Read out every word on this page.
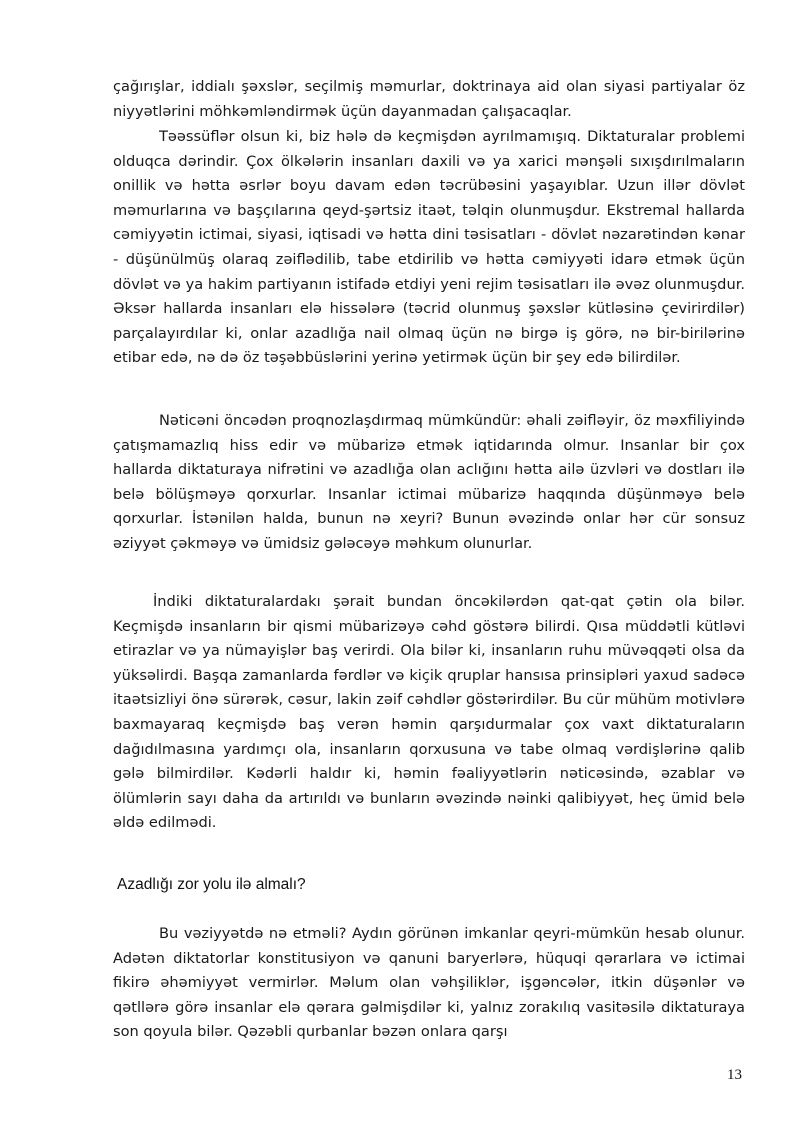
çağırışlar, iddialı şəxslər, seçilmiş məmurlar, doktrinaya aid olan siyasi partiyalar öz niyyətlərini möhkəmləndirmək üçün dayanmadan çalışacaqlar.

Təəssüflər olsun ki, biz hələ də keçmişdən ayrılmamışıq. Diktaturalar problemi olduqca dərindir. Çox ölkələrin insanları daxili və ya xarici mənşəli sıxışdırılmaların onillik və hətta əsrlər boyu davam edən təcrübəsini yaşayıblar. Uzun illər dövlət məmurlarına və başçılarına qeyd-şərtsiz itaət, təlqin olunmuşdur. Ekstremal hallarda cəmiyyətin ictimai, siyasi, iqtisadi və hətta dini təsisatları - dövlət nəzarətindən kənar - düşünülmüş olaraq zəiflədilib, tabe etdirilib və hətta cəmiyyəti idarə etmək üçün dövlət və ya hakim partiyanın istifadə etdiyi yeni rejim təsisatları ilə əvəz olunmuşdur. Əksər hallarda insanları elə hissələrə (təcrid olunmuş şəxslər kütləsinə çevirirdilər) parçalayırdılar ki, onlar azadlığa nail olmaq üçün nə birgə iş görə, nə bir-birilərinə etibar edə, nə də öz təşəbbüslərini yerinə yetirmək üçün bir şey edə bilirdilər.

Nəticəni öncədən proqnozlaşdırmaq mümkündür: əhali zəifləyir, öz məxfiliyində çatışmamazlıq hiss edir və mübarizə etmək iqtidarında olmur. Insanlar bir çox hallarda diktaturaya nifrətini və azadlığa olan aclığını hətta ailə üzvləri və dostları ilə belə bölüşməyə qorxurlar. Insanlar ictimai mübarizə haqqında düşünməyə belə qorxurlar. İstənilən halda, bunun nə xeyri? Bunun əvəzində onlar hər cür sonsuz əziyyət çəkməyə və ümidsiz gələcəyə məhkum olunurlar.

İndiki diktaturalardakı şərait bundan öncəkilərdən qat-qat çətin ola bilər. Keçmişdə insanların bir qismi mübarizəyə cəhd göstərə bilirdi. Qısa müddətli kütləvi etirazlar və ya nümayişlər baş verirdi. Ola bilər ki, insanların ruhu müvəqqəti olsa da yüksəlirdi. Başqa zamanlarda fərdlər və kiçik qruplar hansısa prinsipləri yaxud sadəcə itaətsizliyi önə sürərək, cəsur, lakin zəif cəhdlər göstərirdilər. Bu cür mühüm motivlərə baxmayaraq keçmişdə baş verən həmin qarşıdurmalar çox vaxt diktaturaların dağıdılmasına yardımçı ola, insanların qorxusuna və tabe olmaq vərdişlərinə qalib gələ bilmirdilər. Kədərli haldır ki, həmin fəaliyyətlərin nəticəsində, əzablar və ölümlərin sayı daha da artırıldı və bunların əvəzində nəinki qalibiyyət, heç ümid belə əldə edilmədi.

Azadlığı zor yolu ilə almalı?

Bu vəziyyətdə nə etməli? Aydın görünən imkanlar qeyri-mümkün hesab olunur. Adətən diktatorlar konstitusiyon və qanuni baryerlərə, hüquqi qərarlara və ictimai fikirə əhəmiyyət vermirlər. Məlum olan vəhşiliklər, işgəncələr, itkin düşənlər və qətllərə görə insanlar elə qərara gəlmişdilər ki, yalnız zorakılıq vasitəsilə diktaturaya son qoyula bilər. Qəzəbli qurbanlar bəzən onlara qarşı

13
